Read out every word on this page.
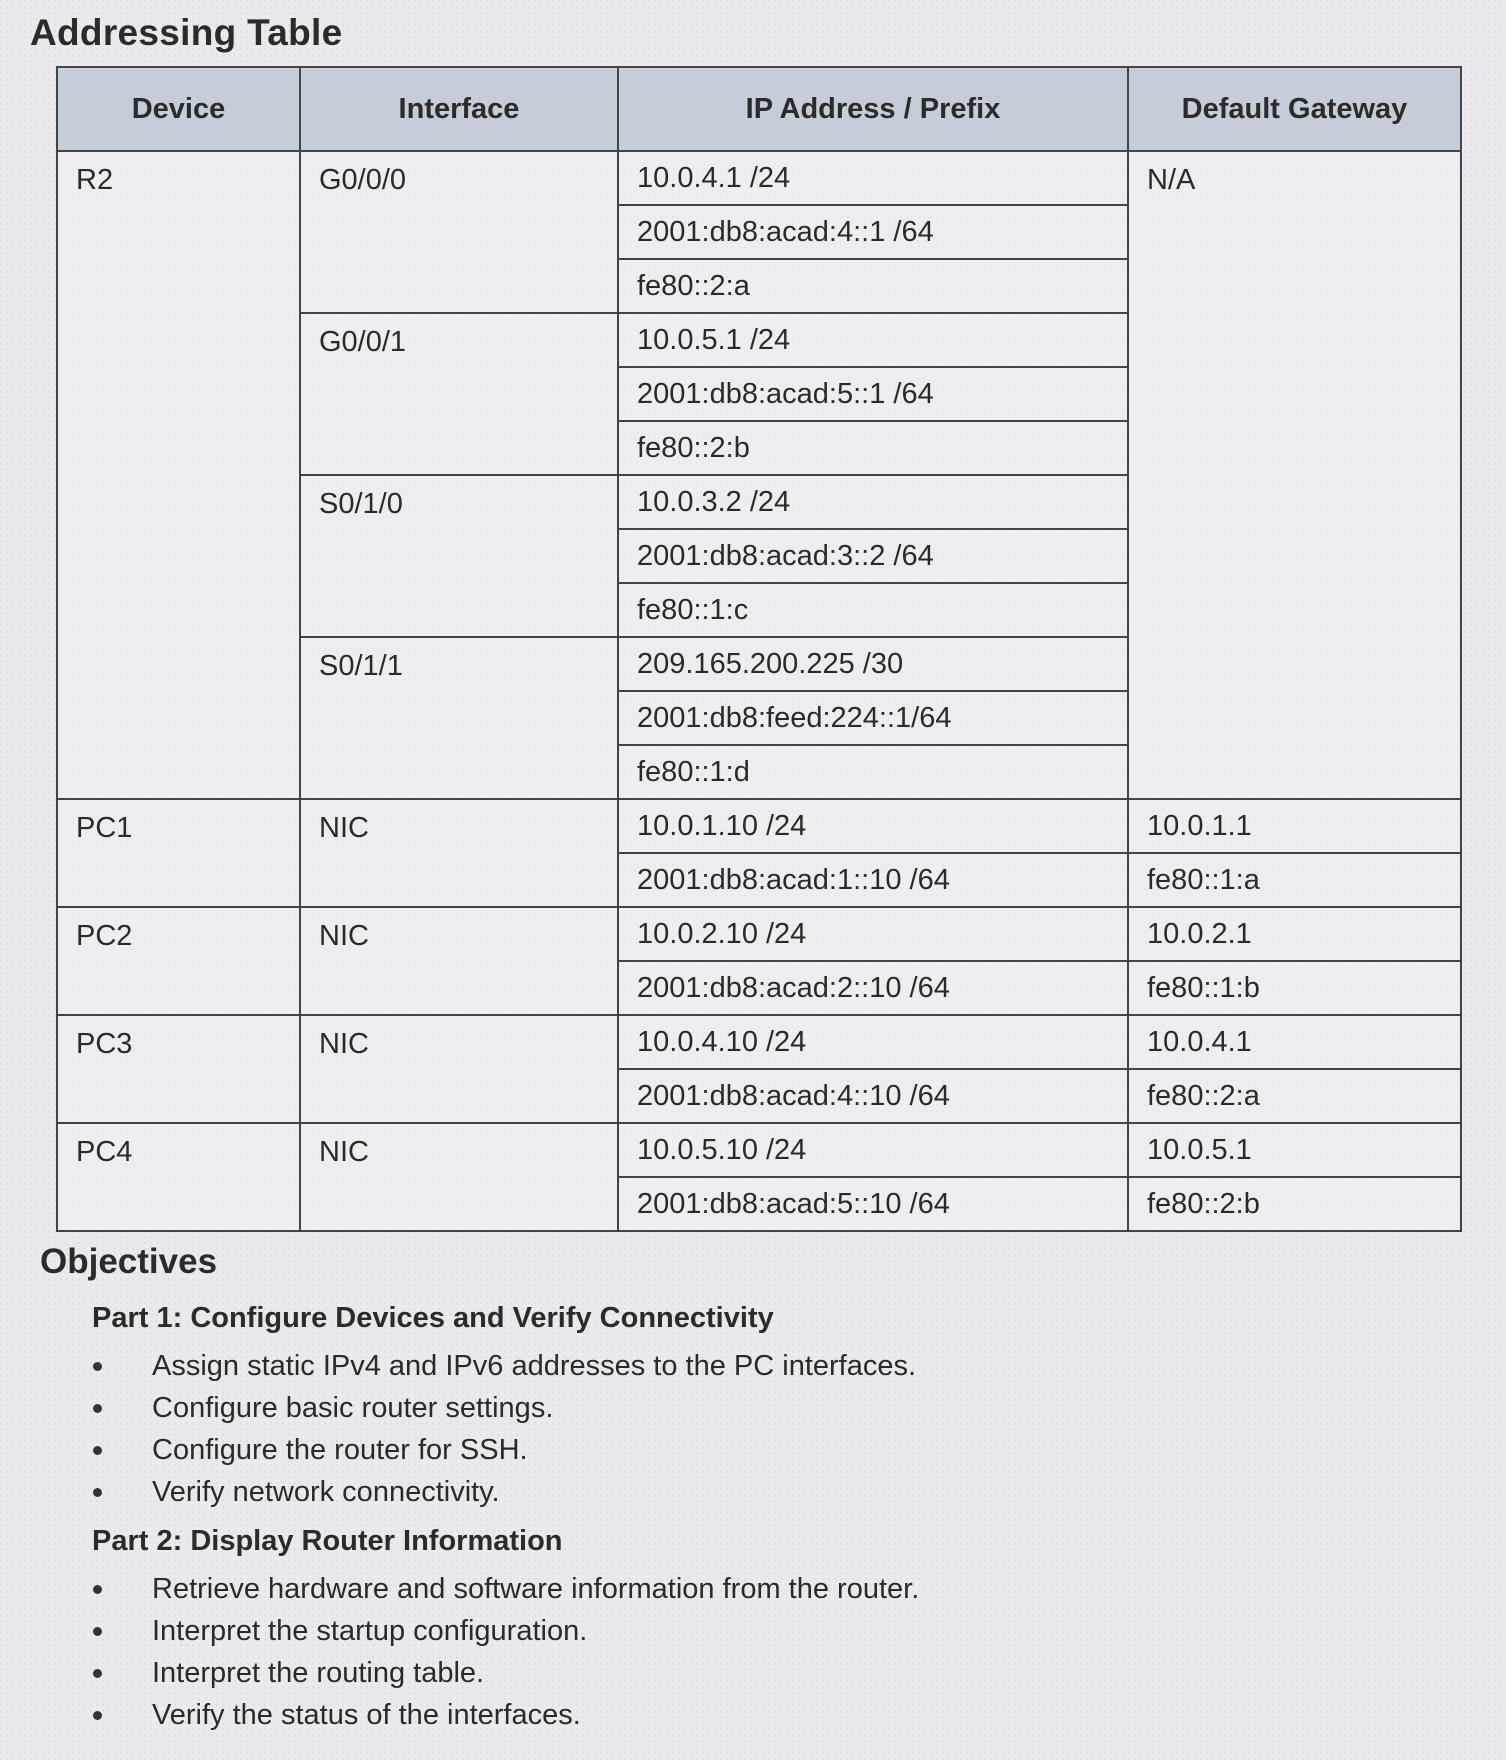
Addressing Table
Device	Interface	IP Address / Prefix	Default Gateway
R2	G0/0/0	10.0.4.1 /24	N/A
		2001:db8:acad:4::1 /64	
		fe80::2:a	
	G0/0/1	10.0.5.1 /24	
		2001:db8:acad:5::1 /64	
		fe80::2:b	
	S0/1/0	10.0.3.2 /24	
		2001:db8:acad:3::2 /64	
		fe80::1:c	
	S0/1/1	209.165.200.225 /30	
		2001:db8:feed:224::1/64	
		fe80::1:d	
PC1	NIC	10.0.1.10 /24	10.0.1.1
		2001:db8:acad:1::10 /64	fe80::1:a
PC2	NIC	10.0.2.10 /24	10.0.2.1
		2001:db8:acad:2::10 /64	fe80::1:b
PC3	NIC	10.0.4.10 /24	10.0.4.1
		2001:db8:acad:4::10 /64	fe80::2:a
PC4	NIC	10.0.5.10 /24	10.0.5.1
		2001:db8:acad:5::10 /64	fe80::2:b
Objectives
Part 1: Configure Devices and Verify Connectivity
Assign static IPv4 and IPv6 addresses to the PC interfaces.
Configure basic router settings.
Configure the router for SSH.
Verify network connectivity.
Part 2: Display Router Information
Retrieve hardware and software information from the router.
Interpret the startup configuration.
Interpret the routing table.
Verify the status of the interfaces.
